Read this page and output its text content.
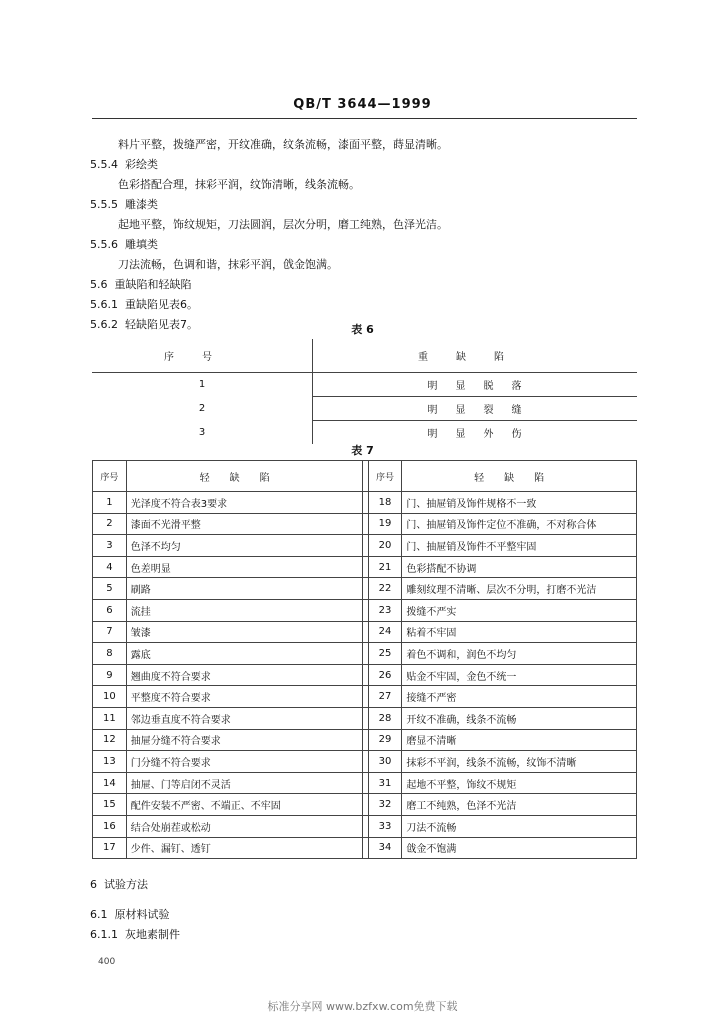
QB/T 3644—1999
料片平整，拨缝严密，开纹准确，纹条流畅，漆面平整，蒔显清晰。
5.5.4 彩绘类
色彩搭配合理，抹彩平润，纹饰清晰，线条流畅。
5.5.5 雕漆类
起地平整，饰纹规矩，刀法圆润，层次分明，磨工纯熟，色泽光洁。
5.5.6 雕填类
刀法流畅，色调和谐，抹彩平润，戗金饱满。
5.6 重缺陷和轻缺陷
5.6.1 重缺陷见表6。
5.6.2 轻缺陷见表7。	表 6
序号	重缺陷
1	明显脱落
2	明显裂缝
3	明显外伤
表 7
序号	轻缺陷		序号	轻缺陷
1	光泽度不符合表3要求		18	门、抽屉销及饰件规格不一致
2	漆面不光滑平整		19	门、抽屉销及饰件定位不准确，不对称合体
3	色泽不均匀		20	门、抽屉销及饰件不平整牢固
4	色差明显		21	色彩搭配不协调
5	刷路		22	雕刻纹理不清晰、层次不分明，打磨不光洁
6	流挂		23	拨缝不严实
7	皱漆		24	粘着不牢固
8	露底		25	着色不调和，润色不均匀
9	翘曲度不符合要求		26	贴金不牢固，金色不统一
10	平整度不符合要求		27	接缝不严密
11	邻边垂直度不符合要求		28	开纹不准确，线条不流畅
12	抽屉分缝不符合要求		29	磨显不清晰
13	门分缝不符合要求		30	抹彩不平润，线条不流畅，纹饰不清晰
14	抽屉、门等启闭不灵活		31	起地不平整，饰纹不规矩
15	配件安装不严密、不端正、不牢固		32	磨工不纯熟，色泽不光洁
16	结合处崩茬或松动		33	刀法不流畅
17	少件、漏钉、透钉		34	戗金不饱满
6 试验方法
6.1 原材料试验
6.1.1 灰地素制件
400
标准分享网 www.bzfxw.com免费下载
